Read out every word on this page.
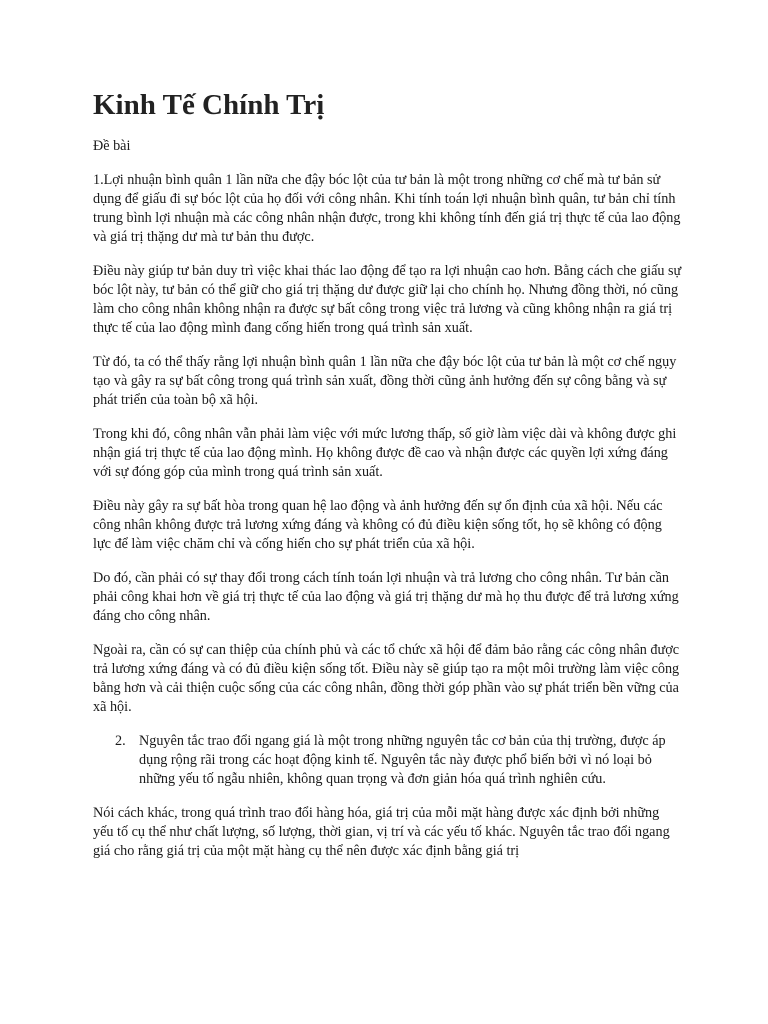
Kinh Tế Chính Trị
Đề bài

1.Lợi nhuận bình quân 1 lần nữa che đậy bóc lột của tư bản là một trong những cơ chế mà tư bản sử dụng để giấu đi sự bóc lột của họ đối với công nhân. Khi tính toán lợi nhuận bình quân, tư bản chỉ tính trung bình lợi nhuận mà các công nhân nhận được, trong khi không tính đến giá trị thực tế của lao động và giá trị thặng dư mà tư bản thu được.

Điều này giúp tư bản duy trì việc khai thác lao động để tạo ra lợi nhuận cao hơn. Bằng cách che giấu sự bóc lột này, tư bản có thể giữ cho giá trị thặng dư được giữ lại cho chính họ. Nhưng đồng thời, nó cũng làm cho công nhân không nhận ra được sự bất công trong việc trả lương và cũng không nhận ra giá trị thực tế của lao động mình đang cống hiến trong quá trình sản xuất.

Từ đó, ta có thể thấy rằng lợi nhuận bình quân 1 lần nữa che đậy bóc lột của tư bản là một cơ chế ngụy tạo và gây ra sự bất công trong quá trình sản xuất, đồng thời cũng ảnh hưởng đến sự công bằng và sự phát triển của toàn bộ xã hội.

Trong khi đó, công nhân vẫn phải làm việc với mức lương thấp, số giờ làm việc dài và không được ghi nhận giá trị thực tế của lao động mình. Họ không được đề cao và nhận được các quyền lợi xứng đáng với sự đóng góp của mình trong quá trình sản xuất.

Điều này gây ra sự bất hòa trong quan hệ lao động và ảnh hưởng đến sự ổn định của xã hội. Nếu các công nhân không được trả lương xứng đáng và không có đủ điều kiện sống tốt, họ sẽ không có động lực để làm việc chăm chỉ và cống hiến cho sự phát triển của xã hội.

Do đó, cần phải có sự thay đổi trong cách tính toán lợi nhuận và trả lương cho công nhân. Tư bản cần phải công khai hơn về giá trị thực tế của lao động và giá trị thặng dư mà họ thu được để trả lương xứng đáng cho công nhân.

Ngoài ra, cần có sự can thiệp của chính phủ và các tổ chức xã hội để đảm bảo rằng các công nhân được trả lương xứng đáng và có đủ điều kiện sống tốt. Điều này sẽ giúp tạo ra một môi trường làm việc công bằng hơn và cải thiện cuộc sống của các công nhân, đồng thời góp phần vào sự phát triển bền vững của xã hội.

2. Nguyên tắc trao đổi ngang giá là một trong những nguyên tắc cơ bản của thị trường, được áp dụng rộng rãi trong các hoạt động kinh tế. Nguyên tắc này được phổ biến bởi vì nó loại bỏ những yếu tố ngẫu nhiên, không quan trọng và đơn giản hóa quá trình nghiên cứu.

Nói cách khác, trong quá trình trao đổi hàng hóa, giá trị của mỗi mặt hàng được xác định bởi những yếu tố cụ thể như chất lượng, số lượng, thời gian, vị trí và các yếu tố khác. Nguyên tắc trao đổi ngang giá cho rằng giá trị của một mặt hàng cụ thể nên được xác định bằng giá trị
